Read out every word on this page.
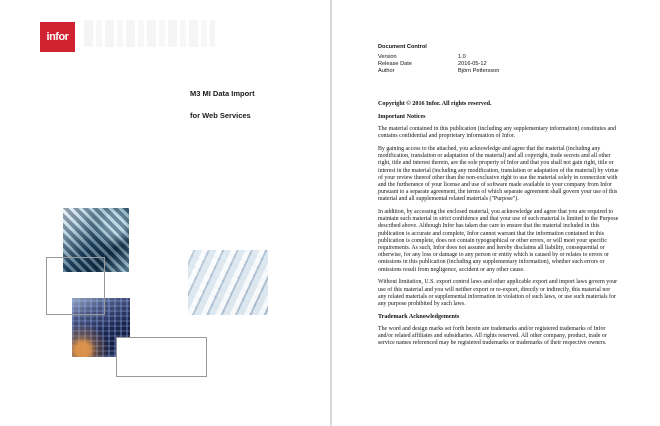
infor
M3 MI Data Import
for Web Services
Document Control
Version	1.0
Release Date	2016-05-12
Author	Björn Pettersson
Copyright © 2016 Infor. All rights reserved.
Important Notices

The material contained in this publication (including any supplementary information) constitutes and contains confidential and proprietary information of Infor.

By gaining access to the attached, you acknowledge and agree that the material (including any modification, translation or adaptation of the material) and all copyright, trade secrets and all other right, title and interest therein, are the sole property of Infor and that you shall not gain right, title or interest in the material (including any modification, translation or adaptation of the material) by virtue of your review thereof other than the non-exclusive right to use the material solely in connection with and the furtherance of your license and use of software made available to your company from Infor pursuant to a separate agreement, the terms of which separate agreement shall govern your use of this material and all supplemental related materials ("Purpose").

In addition, by accessing the enclosed material, you acknowledge and agree that you are required to maintain such material in strict confidence and that your use of such material is limited to the Purpose described above. Although Infor has taken due care to ensure that the material included in this publication is accurate and complete, Infor cannot warrant that the information contained in this publication is complete, does not contain typographical or other errors, or will meet your specific requirements. As such, Infor does not assume and hereby disclaims all liability, consequential or otherwise, for any loss or damage to any person or entity which is caused by or relates to errors or omissions in this publication (including any supplementary information), whether such errors or omissions result from negligence, accident or any other cause.

Without limitation, U.S. export control laws and other applicable export and import laws govern your use of this material and you will neither export or re-export, directly or indirectly, this material nor any related materials or supplemental information in violation of such laws, or use such materials for any purpose prohibited by such laws.

Trademark Acknowledgements

The word and design marks set forth herein are trademarks and/or registered trademarks of Infor and/or related affiliates and subsidiaries. All rights reserved. All other company, product, trade or service names referenced may be registered trademarks or trademarks of their respective owners.
